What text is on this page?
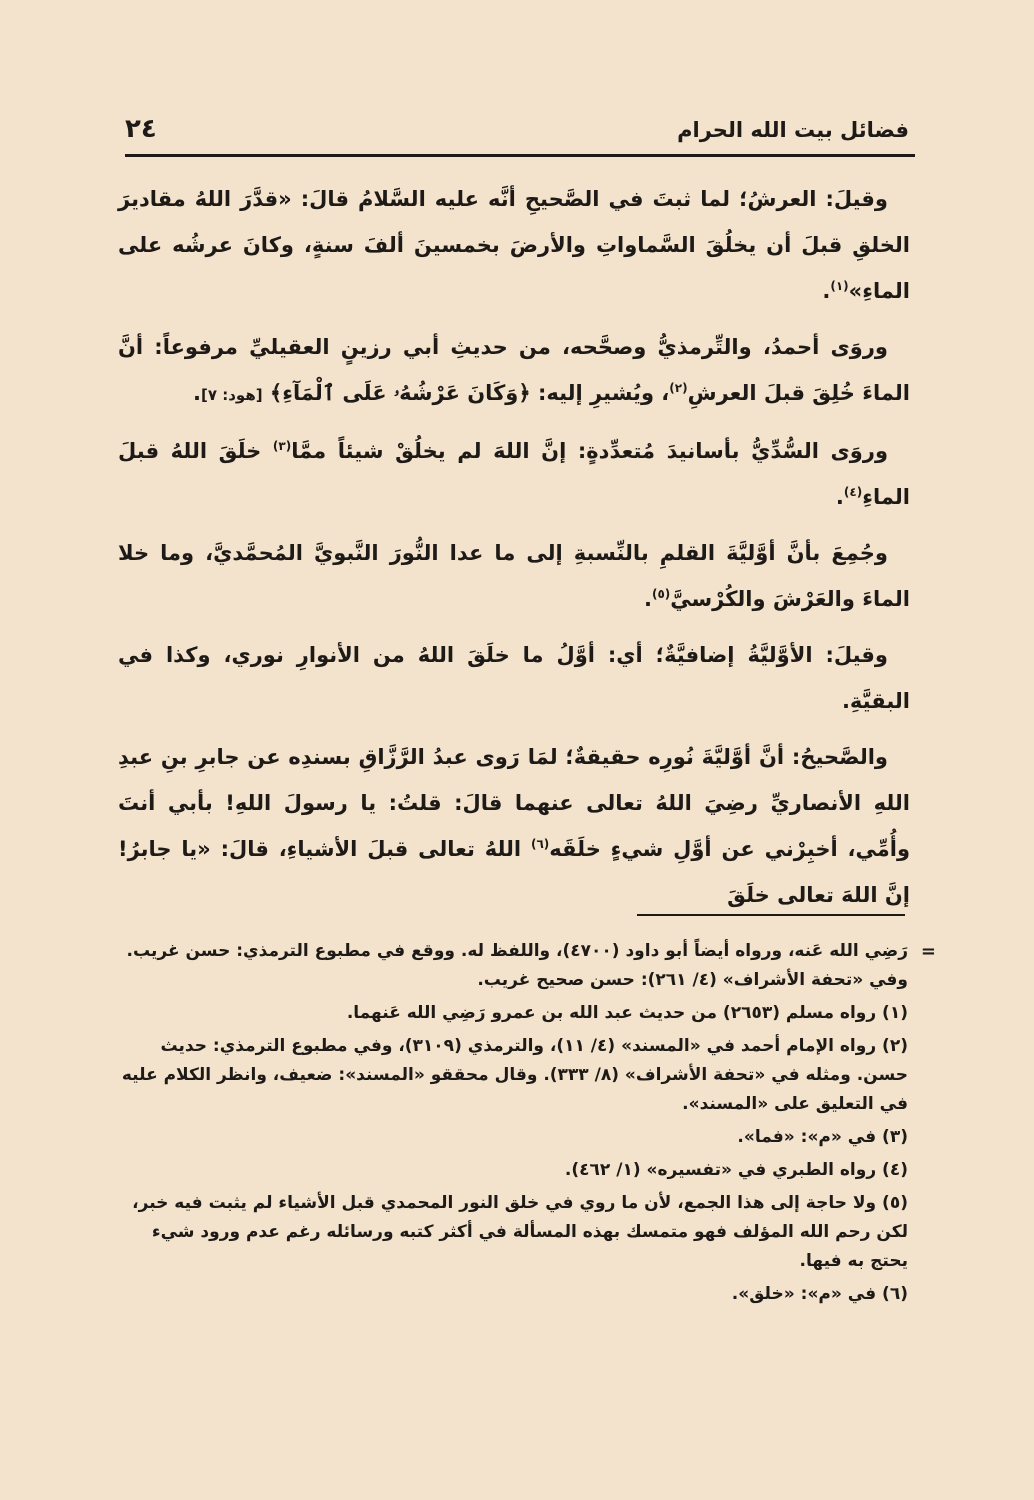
فضائل بيت الله الحرام
٢٤

وقيلَ: العرشُ؛ لما ثبتَ في الصَّحيحِ أنَّه عليه السَّلامُ قالَ: «قدَّرَ اللهُ مقاديرَ الخلقِ قبلَ أن يخلُقَ السَّماواتِ والأرضَ بخمسينَ ألفَ سنةٍ، وكانَ عرشُه على الماءِ»$^{(١)}$.

وروَى أحمدُ، والتِّرمذيُّ وصحَّحه، من حديثِ أبي رزينٍ العقيليِّ مرفوعاً: أنَّ الماءَ خُلِقَ قبلَ العرشِ$^{(٢)}$، ويُشيرِ إليه: ﴿وَكَانَ عَرْشُهُۥ عَلَى ٱلْمَآءِ﴾ [هود: ٧].

وروَى السُّدِّيُّ بأسانيدَ مُتعدِّدةٍ: إنَّ اللهَ لم يخلُقْ شيئاً ممَّا$^{(٣)}$ خلَقَ اللهُ قبلَ الماءِ$^{(٤)}$.

وجُمِعَ بأنَّ أوَّليَّةَ القلمِ بالنِّسبةِ إلى ما عدا النُّورَ النَّبويَّ المُحمَّديَّ، وما خلا الماءَ والعَرْشَ والكُرْسيَّ$^{(٥)}$.

وقيلَ: الأوَّليَّةُ إضافيَّةٌ؛ أي: أوَّلُ ما خلَقَ اللهُ من الأنوارِ نوري، وكذا في البقيَّةِ.

والصَّحيحُ: أنَّ أوَّليَّةَ نُورِه حقيقةٌ؛ لمَا رَوى عبدُ الرَّزَّاقِ بسندِه عن جابرِ بنِ عبدِ اللهِ الأنصاريِّ رضِيَ اللهُ تعالى عنهما قالَ: قلتُ: يا رسولَ اللهِ! بأبي أنتَ وأُمِّي، أخبِرْني عن أوَّلِ شيءٍ خلَقَه$^{(٦)}$ اللهُ تعالى قبلَ الأشياءِ، قالَ: «يا جابرُ! إنَّ اللهَ تعالى خلَقَ

=

رَضِي الله عَنه، ورواه أيضاً أبو داود (٤٧٠٠)، واللفظ له. ووقع في مطبوع الترمذي: حسن غريب. وفي «تحفة الأشراف» (٤/ ٢٦١): حسن صحيح غريب.

(١) رواه مسلم (٢٦٥٣) من حديث عبد الله بن عمرو رَضِي الله عَنهما.

(٢) رواه الإمام أحمد في «المسند» (٤/ ١١)، والترمذي (٣١٠٩)، وفي مطبوع الترمذي: حديث حسن. ومثله في «تحفة الأشراف» (٨/ ٣٣٣). وقال محققو «المسند»: ضعيف، وانظر الكلام عليه في التعليق على «المسند».

(٣) في «م»: «فما».

(٤) رواه الطبري في «تفسيره» (١/ ٤٦٢).

(٥) ولا حاجة إلى هذا الجمع، لأن ما روي في خلق النور المحمدي قبل الأشياء لم يثبت فيه خبر، لكن رحم الله المؤلف فهو متمسك بهذه المسألة في أكثر كتبه ورسائله رغم عدم ورود شيء يحتج به فيها.

(٦) في «م»: «خلق».
